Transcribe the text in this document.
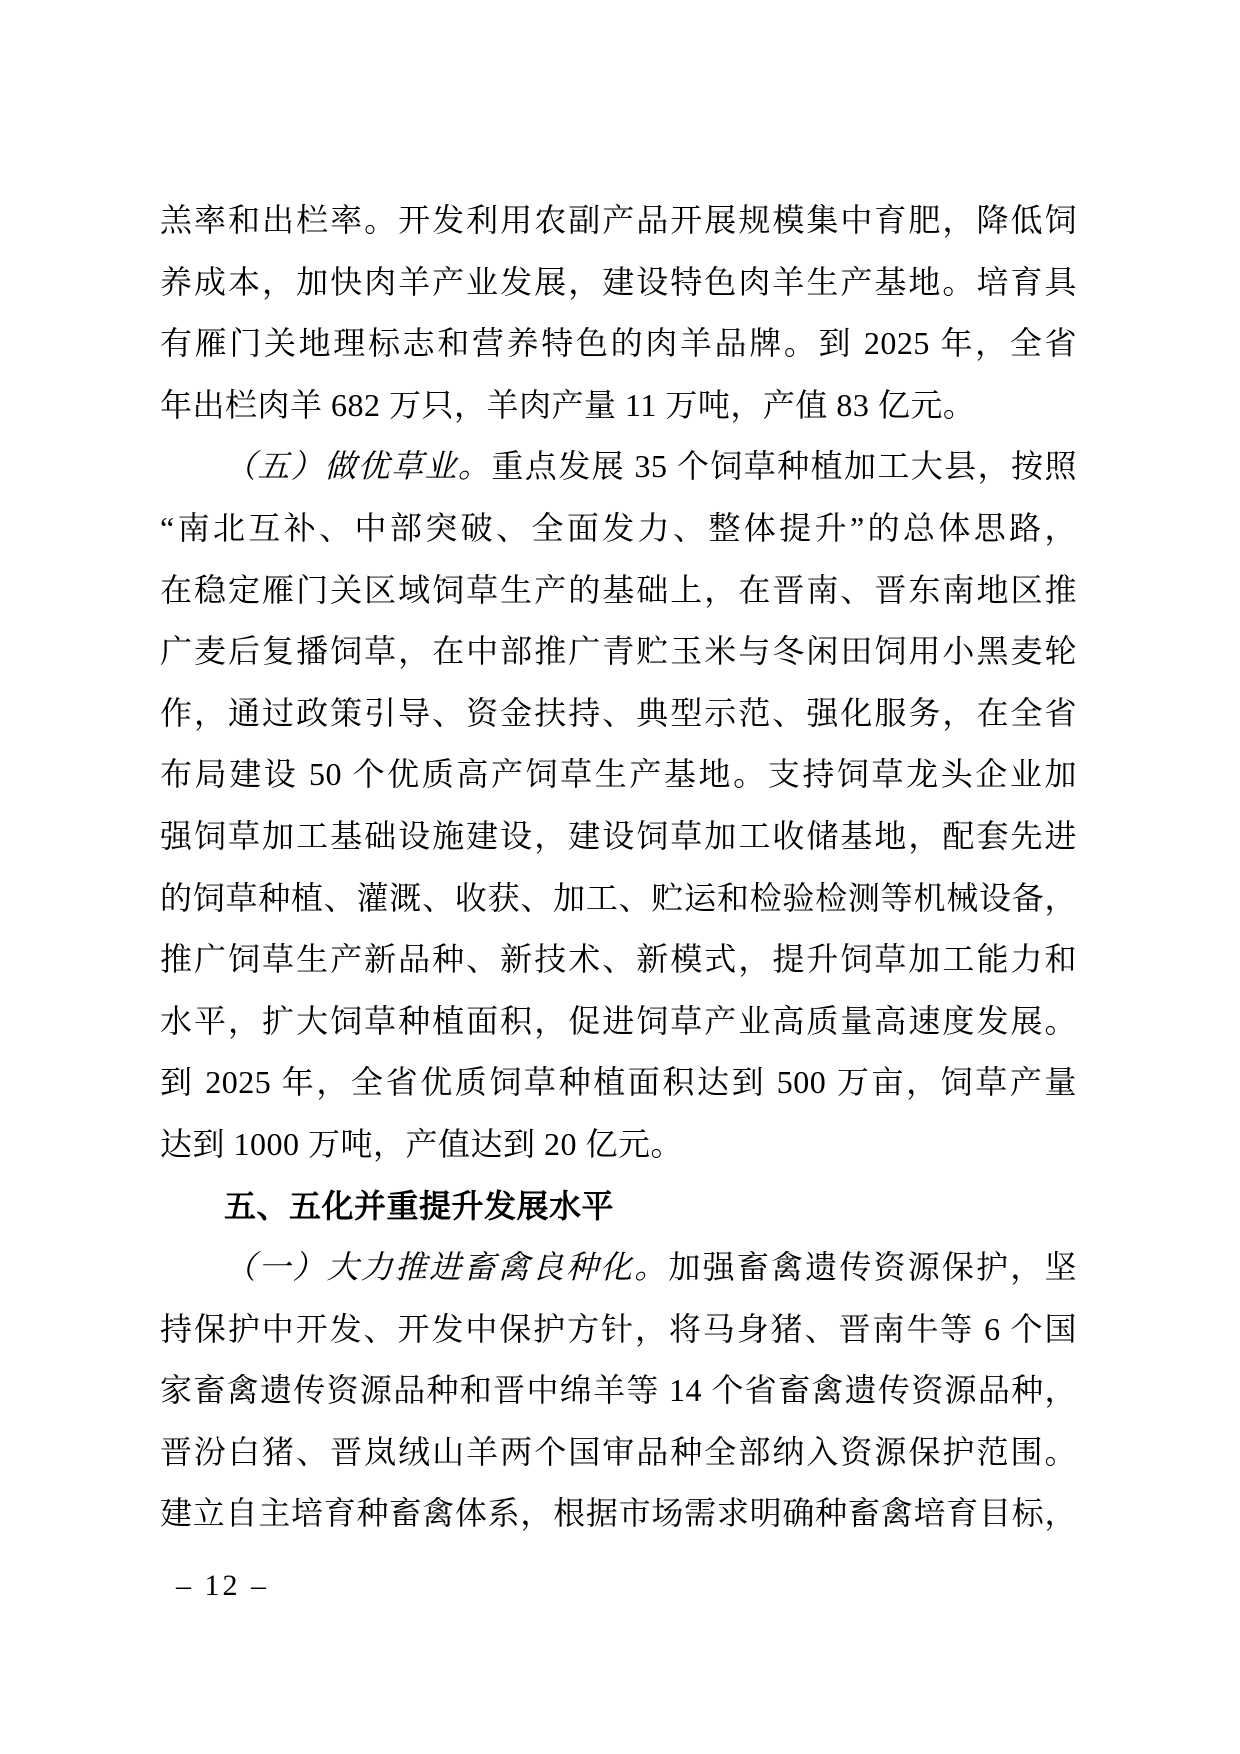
羔率和出栏率。开发利用农副产品开展规模集中育肥，降低饲
养成本，加快肉羊产业发展，建设特色肉羊生产基地。培育具
有雁门关地理标志和营养特色的肉羊品牌。到 2025 年，全省
年出栏肉羊 682 万只，羊肉产量 11 万吨，产值 83 亿元。
（五）做优草业。重点发展 35 个饲草种植加工大县，按照
“南北互补、中部突破、全面发力、整体提升”的总体思路，
在稳定雁门关区域饲草生产的基础上，在晋南、晋东南地区推
广麦后复播饲草，在中部推广青贮玉米与冬闲田饲用小黑麦轮
作，通过政策引导、资金扶持、典型示范、强化服务，在全省
布局建设 50 个优质高产饲草生产基地。支持饲草龙头企业加
强饲草加工基础设施建设，建设饲草加工收储基地，配套先进
的饲草种植、灌溉、收获、加工、贮运和检验检测等机械设备，
推广饲草生产新品种、新技术、新模式，提升饲草加工能力和
水平，扩大饲草种植面积，促进饲草产业高质量高速度发展。
到 2025 年，全省优质饲草种植面积达到 500 万亩，饲草产量
达到 1000 万吨，产值达到 20 亿元。
五、五化并重提升发展水平
（一）大力推进畜禽良种化。加强畜禽遗传资源保护，坚
持保护中开发、开发中保护方针，将马身猪、晋南牛等 6 个国
家畜禽遗传资源品种和晋中绵羊等 14 个省畜禽遗传资源品种，
晋汾白猪、晋岚绒山羊两个国审品种全部纳入资源保护范围。
建立自主培育种畜禽体系，根据市场需求明确种畜禽培育目标，
– 12 –
